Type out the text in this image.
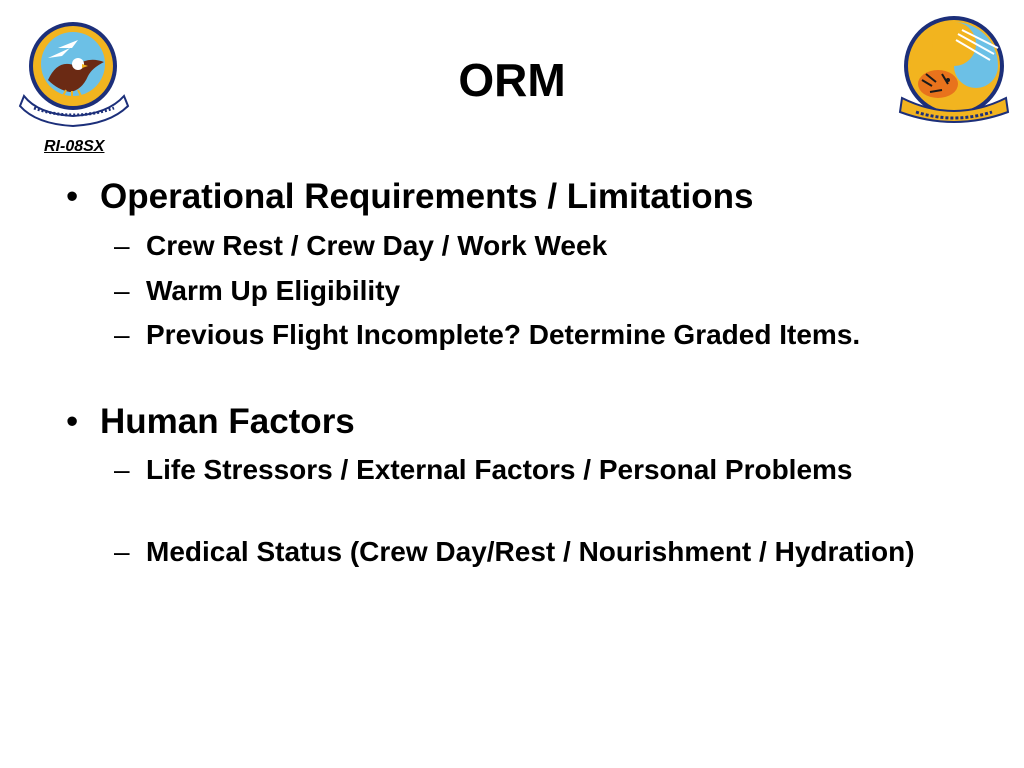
ORM
RI-08SX
• Operational Requirements / Limitations
– Crew Rest / Crew Day / Work Week
– Warm Up Eligibility
– Previous Flight Incomplete? Determine Graded Items.
• Human Factors
– Life Stressors / External Factors / Personal Problems
– Medical Status (Crew Day/Rest / Nourishment / Hydration)
